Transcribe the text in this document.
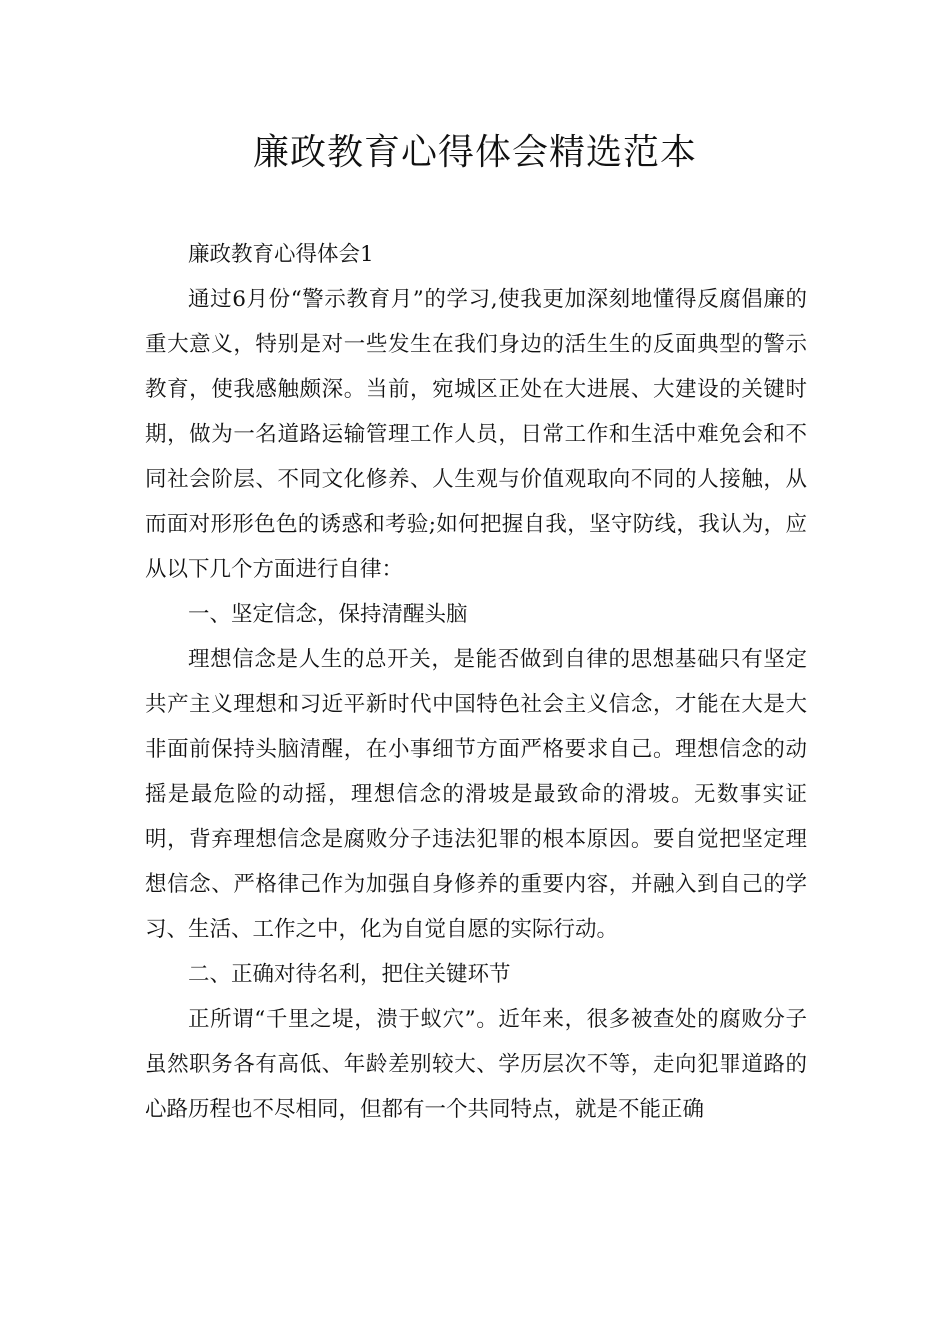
廉政教育心得体会精选范本

廉政教育心得体会1

通过6月份“警示教育月”的学习,使我更加深刻地懂得反腐倡廉的重大意义，特别是对一些发生在我们身边的活生生的反面典型的警示教育，使我感触颇深。当前，宛城区正处在大进展、大建设的关键时期，做为一名道路运输管理工作人员，日常工作和生活中难免会和不同社会阶层、不同文化修养、人生观与价值观取向不同的人接触，从而面对形形色色的诱惑和考验;如何把握自我，坚守防线，我认为，应从以下几个方面进行自律：

一、坚定信念，保持清醒头脑

理想信念是人生的总开关，是能否做到自律的思想基础只有坚定共产主义理想和习近平新时代中国特色社会主义信念，才能在大是大非面前保持头脑清醒，在小事细节方面严格要求自己。理想信念的动摇是最危险的动摇，理想信念的滑坡是最致命的滑坡。无数事实证明，背弃理想信念是腐败分子违法犯罪的根本原因。要自觉把坚定理想信念、严格律己作为加强自身修养的重要内容，并融入到自己的学习、生活、工作之中，化为自觉自愿的实际行动。

二、正确对待名利，把住关键环节

正所谓“千里之堤，溃于蚁穴”。近年来，很多被查处的腐败分子虽然职务各有高低、年龄差别较大、学历层次不等，走向犯罪道路的心路历程也不尽相同，但都有一个共同特点，就是不能正确
